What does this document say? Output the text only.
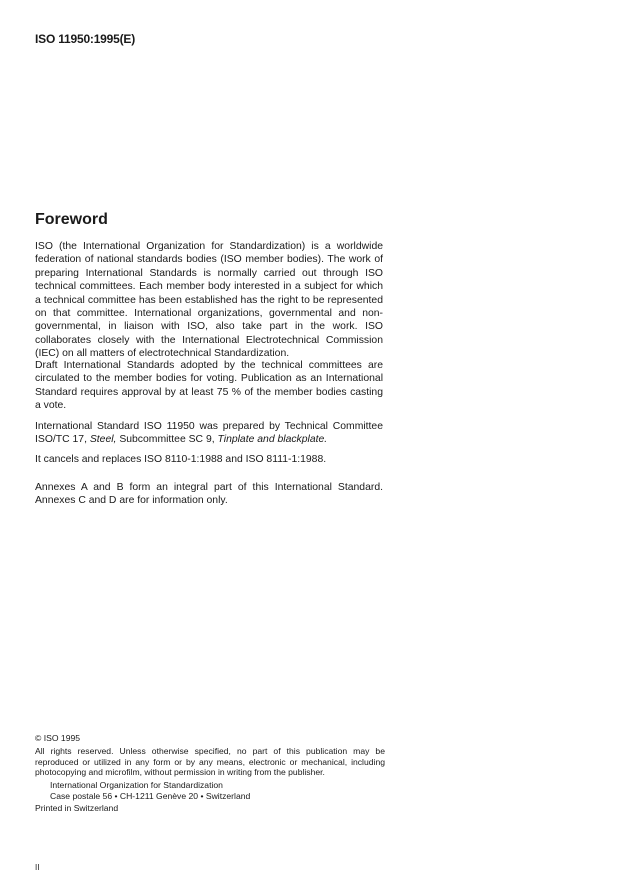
ISO 11950:1995(E)
Foreword
ISO (the International Organization for Standardization) is a worldwide federation of national standards bodies (ISO member bodies). The work of preparing International Standards is normally carried out through ISO technical committees. Each member body interested in a subject for which a technical committee has been established has the right to be represented on that committee. International organizations, governmental and non-governmental, in liaison with ISO, also take part in the work. ISO collaborates closely with the International Electrotechnical Commission (IEC) on all matters of electrotechnical Standardization.
Draft International Standards adopted by the technical committees are circulated to the member bodies for voting. Publication as an International Standard requires approval by at least 75 % of the member bodies casting a vote.
International Standard ISO 11950 was prepared by Technical Committee ISO/TC 17, Steel, Subcommittee SC 9, Tinplate and blackplate.
It cancels and replaces ISO 8110-1:1988 and ISO 8111-1:1988.
Annexes A and B form an integral part of this International Standard. Annexes C and D are for information only.
© ISO 1995
All rights reserved. Unless otherwise specified, no part of this publication may be reproduced or utilized in any form or by any means, electronic or mechanical, including photocopying and microfilm, without permission in writing from the publisher.
International Organization for Standardization
Case postale 56 • CH-1211 Genève 20 • Switzerland
Printed in Switzerland
II
